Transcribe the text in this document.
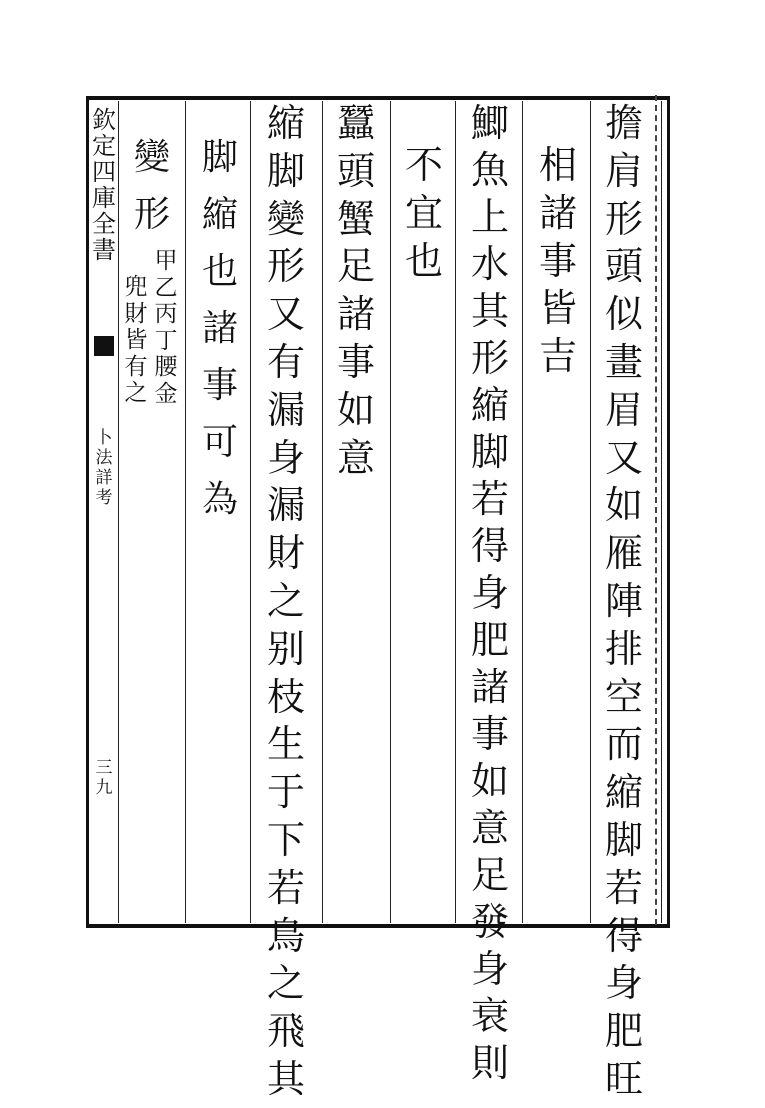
欽
定
四
庫
全
書
卜
法
詳
考
三
九
擔
肩
形
頭
似
畫
眉
又
如
雁
陣
排
空
而
縮
脚
若
得
身
肥
旺
相
諸
事
皆
吉
鯽
魚
上
水
其
形
縮
脚
若
得
身
肥
諸
事
如
意
足
發
身
衰
則
不
宜
也
蠶
頭
蟹
足
諸
事
如
意
縮
脚
變
形
又
有
漏
身
漏
財
之
别
枝
生
于
下
若
鳥
之
飛
其
脚
縮
也
諸
事
可
為
變
形
甲
乙
丙
丁
腰
金
兜
財
皆
有
之
